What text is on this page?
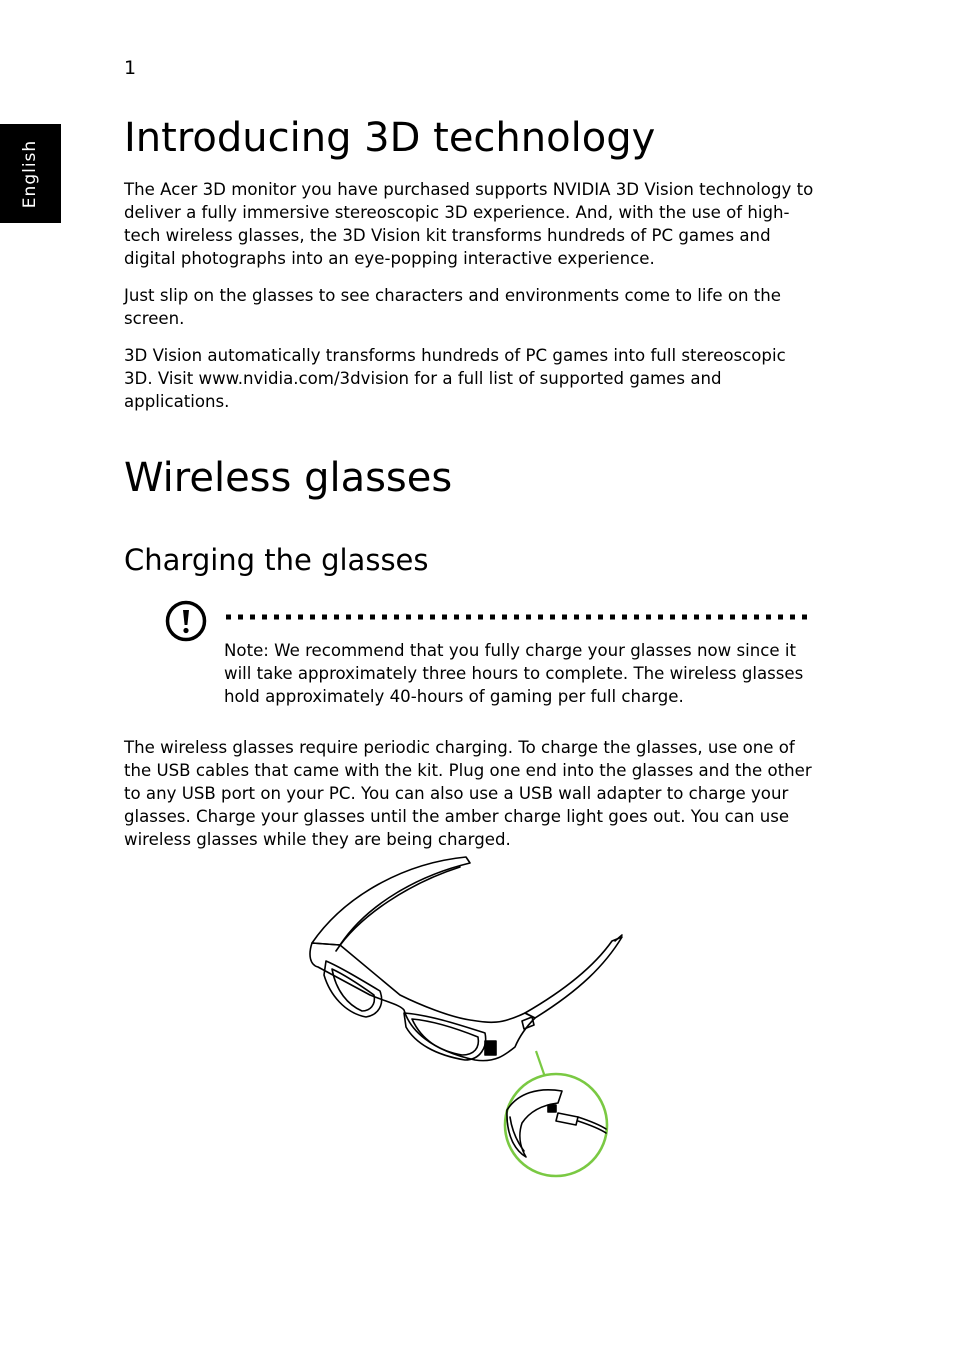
1
English
Introducing 3D technology

The Acer 3D monitor you have purchased supports NVIDIA 3D Vision technology to deliver a fully immersive stereoscopic 3D experience. And, with the use of high-tech wireless glasses, the 3D Vision kit transforms hundreds of PC games and digital photographs into an eye-popping interactive experience.

Just slip on the glasses to see characters and environments come to life on the screen.

3D Vision automatically transforms hundreds of PC games into full stereoscopic 3D. Visit www.nvidia.com/3dvision for a full list of supported games and applications.

Wireless glasses
Charging the glasses

Note: We recommend that you fully charge your glasses now since it will take approximately three hours to complete. The wireless glasses hold approximately 40-hours of gaming per full charge.

The wireless glasses require periodic charging. To charge the glasses, use one of the USB cables that came with the kit. Plug one end into the glasses and the other to any USB port on your PC. You can also use a USB wall adapter to charge your glasses. Charge your glasses until the amber charge light goes out. You can use wireless glasses while they are being charged.
